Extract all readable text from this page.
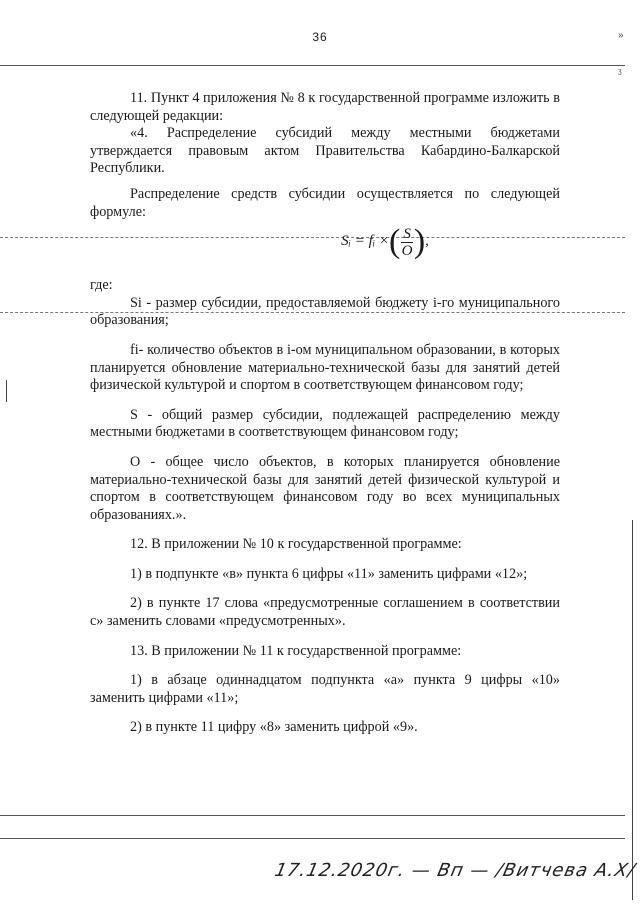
36	»
ᶾ

11. Пункт 4 приложения № 8 к государственной программе изложить в следующей редакции:

«4. Распределение субсидий между местными бюджетами утверждается правовым актом Правительства Кабардино-Балкарской Республики.

Распределение средств субсидии осуществляется по следующей формуле:

Sᵢ = fᵢ × ( $\frac{S}{O}$ ) ,

где:

Si - размер субсидии, предоставляемой бюджету i-го муниципального образования;

fi- количество объектов в i-ом муниципальном образовании, в которых планируется обновление материально-технической базы для занятий детей физической культурой и спортом в соответствующем финансовом году;

S - общий размер субсидии, подлежащей распределению между местными бюджетами в соответствующем финансовом году;

O - общее число объектов, в которых планируется обновление материально-технической базы для занятий детей физической культурой и спортом в соответствующем финансовом году во всех муниципальных образованиях.».

12. В приложении № 10 к государственной программе:

1) в подпункте «в» пункта 6 цифры «11» заменить цифрами «12»;

2) в пункте 17 слова «предусмотренные соглашением в соответствии с» заменить словами «предусмотренных».

13. В приложении № 11 к государственной программе:

1) в абзаце одиннадцатом подпункта «а» пункта 9 цифры «10» заменить цифрами «11»;

2) в пункте 11 цифру «8» заменить цифрой «9».

17.12.2020г. — Вп — /Витчева А.Х/
